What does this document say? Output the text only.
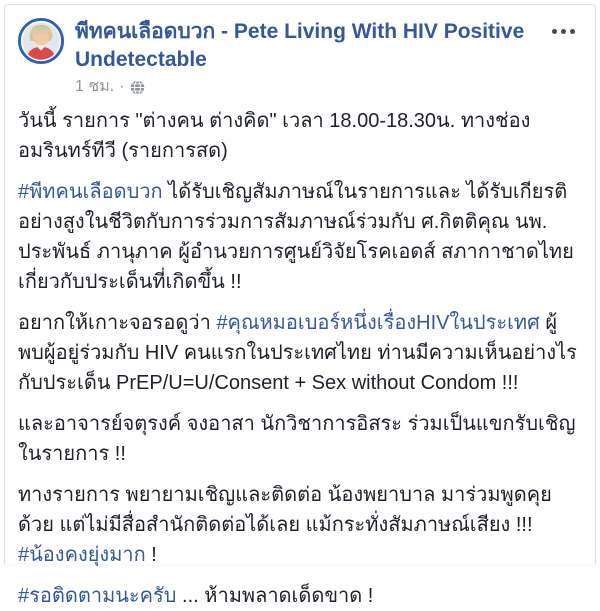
พีทคนเลือดบวก - Pete Living With HIV Positive Undetectable
1 ชม. ·

วันนี้ รายการ "ต่างคน ต่างคิด" เวลา 18.00-18.30น. ทางช่อง อมรินทร์ทีวี (รายการสด)

#พีทคนเลือดบวก ได้รับเชิญสัมภาษณ์ในรายการและ ได้รับเกียรติอย่างสูงในชีวิตกับการร่วมการสัมภาษณ์ร่วมกับ ศ.กิตติคุณ นพ. ประพันธ์ ภานุภาค ผู้อำนวยการศูนย์วิจัยโรคเอดส์ สภากาชาดไทย เกี่ยวกับประเด็นที่เกิดขึ้น !!

อยากให้เกาะจอรอดูว่า #คุณหมอเบอร์หนึ่งเรื่องHIVในประเทศ ผู้พบผู้อยู่ร่วมกับ HIV คนแรกในประเทศไทย ท่านมีความเห็นอย่างไร กับประเด็น PrEP/U=U/Consent + Sex without Condom !!!

และอาจารย์จตุรงค์ จงอาสา นักวิชาการอิสระ ร่วมเป็นแขกรับเชิญในรายการ !!

ทางรายการ พยายามเชิญและติดต่อ น้องพยาบาล มาร่วมพูดคุยด้วย แต่ไม่มีสื่อสำนักติดต่อได้เลย แม้กระทั่งสัมภาษณ์เสียง !!! #น้องคงยุ่งมาก !

#รอติดตามนะครับ ... ห้ามพลาดเด็ดขาด !
